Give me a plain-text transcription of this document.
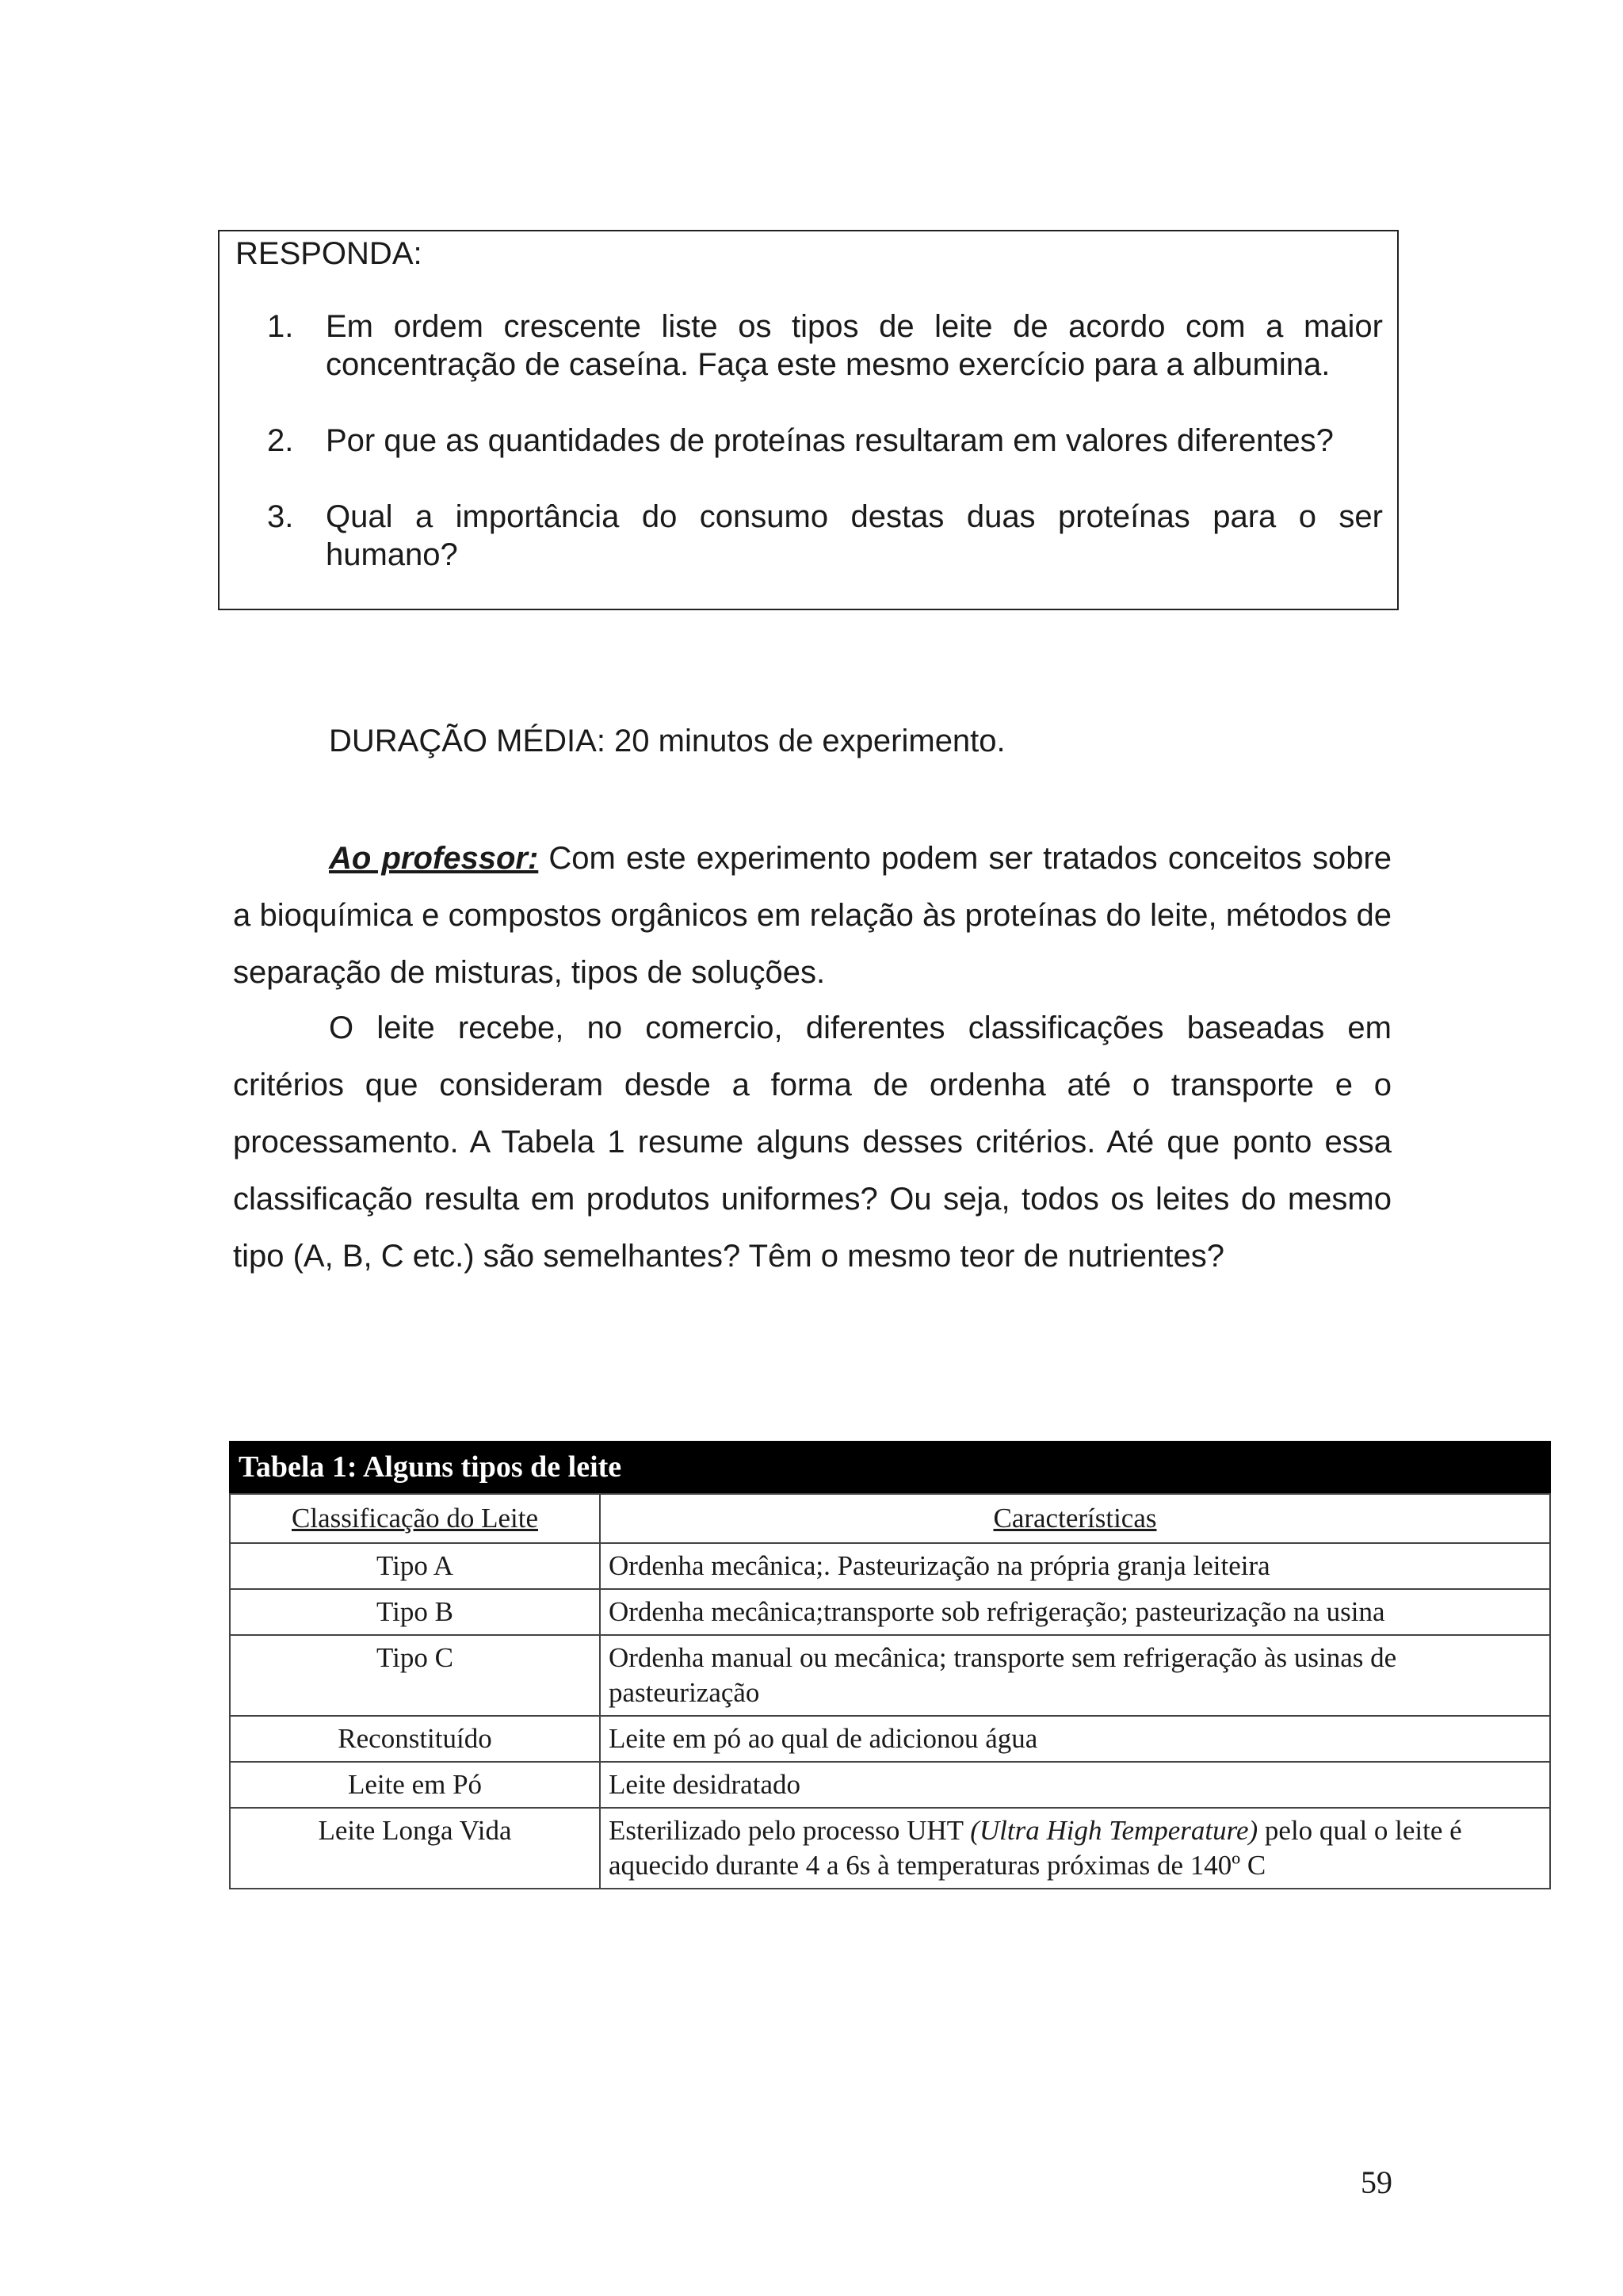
RESPONDA:
1.	Em ordem crescente liste os tipos de leite de acordo com a maior concentração de caseína. Faça este mesmo exercício para a albumina.
2.	Por que as quantidades de proteínas resultaram em valores diferentes?
3.	Qual a importância do consumo destas duas proteínas para o ser humano?
DURAÇÃO MÉDIA: 20 minutos de experimento.

Ao professor: Com este experimento podem ser tratados conceitos sobre a bioquímica e compostos orgânicos em relação às proteínas do leite, métodos de separação de misturas, tipos de soluções.

O leite recebe, no comercio, diferentes classificações baseadas em critérios que consideram desde a forma de ordenha até o transporte e o processamento. A Tabela 1 resume alguns desses critérios. Até que ponto essa classificação resulta em produtos uniformes? Ou seja, todos os leites do mesmo tipo (A, B, C etc.) são semelhantes? Têm o mesmo teor de nutrientes?

Tabela 1: Alguns tipos de leite
Classificação do Leite	Características
Tipo A	Ordenha mecânica;. Pasteurização na própria granja leiteira
Tipo B	Ordenha mecânica;transporte sob refrigeração; pasteurização na usina
Tipo C	Ordenha manual ou mecânica; transporte sem refrigeração às usinas de pasteurização
Reconstituído	Leite em pó ao qual de adicionou água
Leite em Pó	Leite desidratado
Leite Longa Vida	Esterilizado pelo processo UHT (Ultra High Temperature) pelo qual o leite é aquecido durante 4 a 6s à temperaturas próximas de 140º C
59
